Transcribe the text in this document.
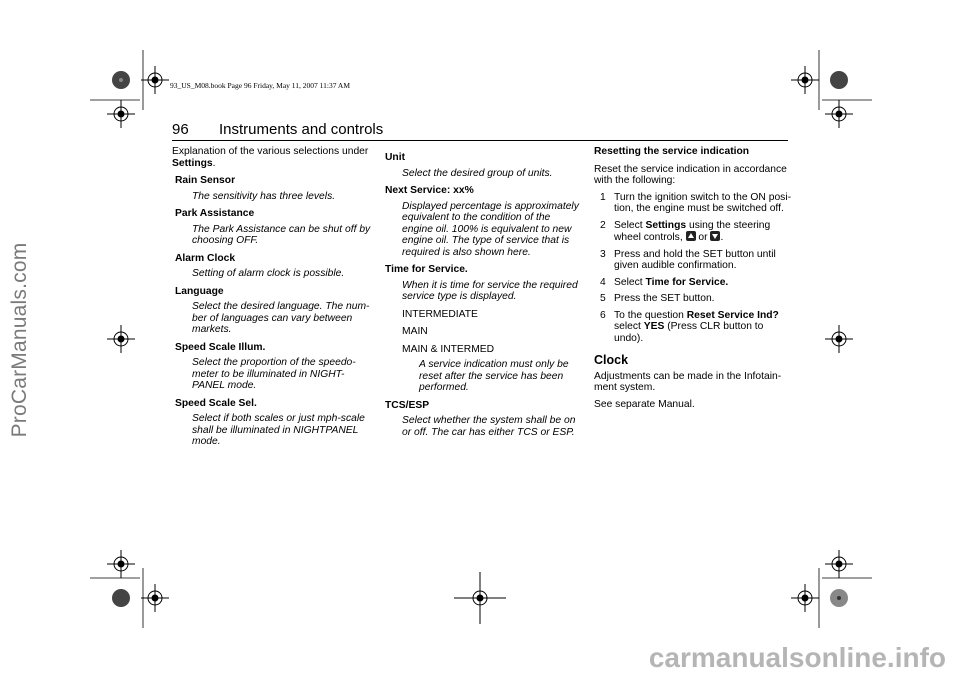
ProCarManuals.com
carmanualsonline.info
93_US_M08.book Page 96 Friday, May 11, 2007 11:37 AM
96 Instruments and controls

Explanation of the various selections under
Settings.

Rain Sensor

The sensitivity has three levels.

Park Assistance

The Park Assistance can be shut off by choosing OFF.

Alarm Clock

Setting of alarm clock is possible.

Language

Select the desired language. The num-ber of languages can vary between markets.

Speed Scale Illum.

Select the proportion of the speedo-meter to be illuminated in NIGHT-PANEL mode.

Speed Scale Sel.

Select if both scales or just mph-scale shall be illuminated in NIGHTPANEL mode.

Unit

Select the desired group of units.

Next Service: xx%

Displayed percentage is approximately equivalent to the condition of the engine oil. 100% is equivalent to new engine oil. The type of service that is required is also shown here.

Time for Service.

When it is time for service the required service type is displayed.

INTERMEDIATE

MAIN

MAIN & INTERMED

A service indication must only be reset after the service has been performed.

TCS/ESP

Select whether the system shall be on or off. The car has either TCS or ESP.

Resetting the service indication

Reset the service indication in accordance with the following:

1 Turn the ignition switch to the ON posi-tion, the engine must be switched off.
2 Select Settings using the steering wheel controls,  or .
3 Press and hold the SET button until given audible confirmation.
4 Select Time for Service.
5 Press the SET button.
6 To the question Reset Service Ind?
select YES (Press CLR button to undo).

Clock

Adjustments can be made in the Infotain-ment system.

See separate Manual.
